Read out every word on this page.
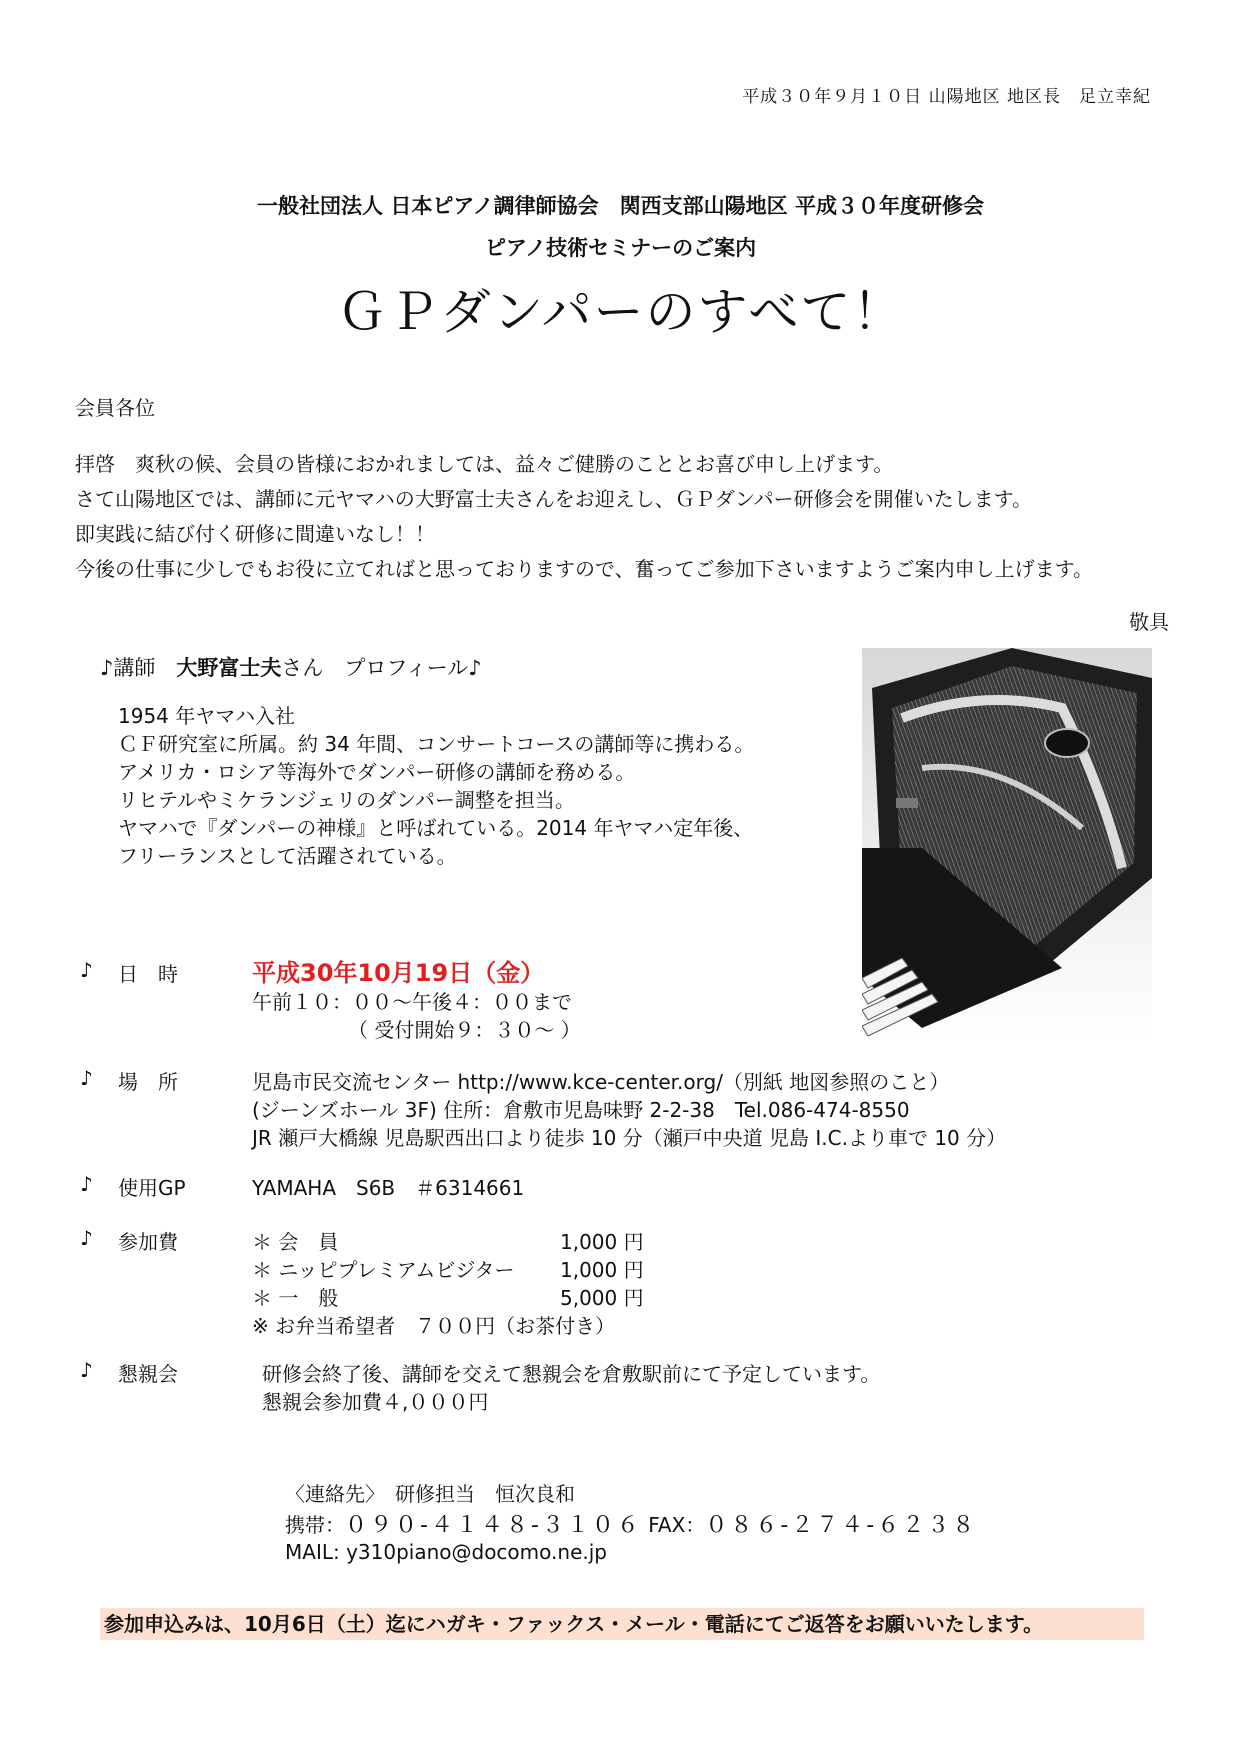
平成３０年９月１０日 山陽地区 地区長　足立幸紀
一般社団法人 日本ピアノ調律師協会　関西支部山陽地区 平成３０年度研修会
ピアノ技術セミナーのご案内
ＧＰダンパーのすべて！
会員各位
拝啓　爽秋の候、会員の皆様におかれましては、益々ご健勝のこととお喜び申し上げます。
さて山陽地区では、講師に元ヤマハの大野富士夫さんをお迎えし、ＧＰダンパー研修会を開催いたします。
即実践に結び付く研修に間違いなし！！
今後の仕事に少しでもお役に立てればと思っておりますので、奮ってご参加下さいますようご案内申し上げます。
敬具
♪講師　大野富士夫さん　プロフィール♪
1954 年ヤマハ入社
ＣＦ研究室に所属。約 34 年間、コンサートコースの講師等に携わる。
アメリカ・ロシア等海外でダンパー研修の講師を務める。
リヒテルやミケランジェリのダンパー調整を担当。
ヤマハで『ダンパーの神様』と呼ばれている。2014 年ヤマハ定年後、
フリーランスとして活躍されている。
♪ 日　時	平成30年10月19日（金）
午前１０：００～午後４：００まで
（ 受付開始９：３０～ ）
♪ 場　所	児島市民交流センター http://www.kce-center.org/（別紙 地図参照のこと）
(ジーンズホール 3F) 住所：倉敷市児島味野 2-2-38　Tel.086-474-8550
JR 瀬戸大橋線 児島駅西出口より徒歩 10 分（瀬戸中央道 児島 I.C.より車で 10 分）
♪ 使用GP	YAMAHA　S6B　＃6314661
♪ 参加費	＊ 会　員	1,000 円
＊ ニッピプレミアムビジター 1,000 円
＊ 一　般	5,000 円
※ お弁当希望者　７００円（お茶付き）
♪ 懇親会	研修会終了後、講師を交えて懇親会を倉敷駅前にて予定しています。
懇親会参加費４,０００円
〈連絡先〉　研修担当　恒次良和
携帯：０９０-４１４８-３１０６ FAX：０８６-２７４-６２３８
MAIL: y310piano@docomo.ne.jp
参加申込みは、10月6日（土）迄にハガキ・ファックス・メール・電話にてご返答をお願いいたします。
